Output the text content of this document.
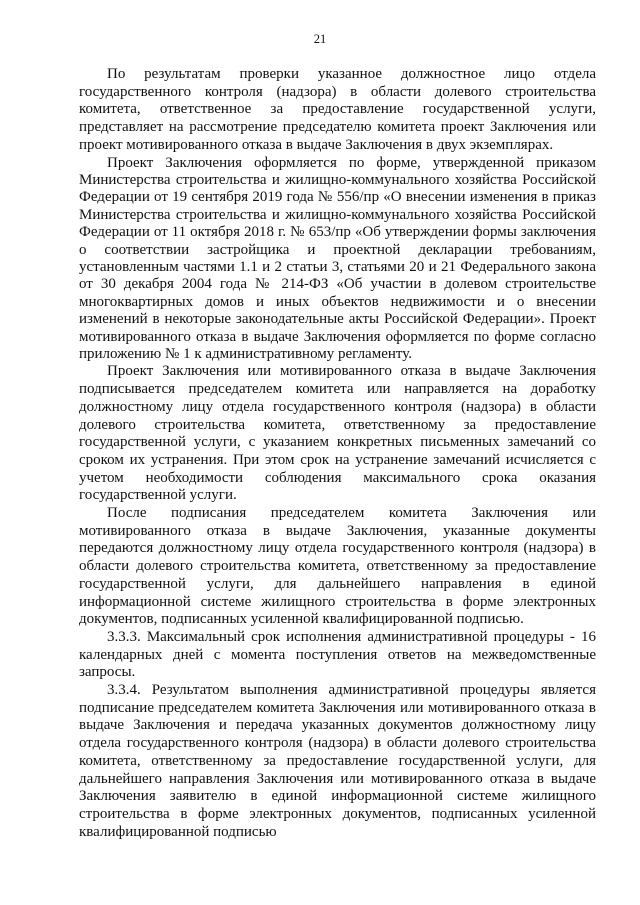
21

По результатам проверки указанное должностное лицо отдела государственного контроля (надзора) в области долевого строительства комитета, ответственное за предоставление государственной услуги, представляет на рассмотрение председателю комитета проект Заключения или проект мотивированного отказа в выдаче Заключения в двух экземплярах.

Проект Заключения оформляется по форме, утвержденной приказом Министерства строительства и жилищно-коммунального хозяйства Российской Федерации от 19 сентября 2019 года № 556/пр «О внесении изменения в приказ Министерства строительства и жилищно-коммунального хозяйства Российской Федерации от 11 октября 2018 г. № 653/пр «Об утверждении формы заключения о соответствии застройщика и проектной декларации требованиям, установленным частями 1.1 и 2 статьи 3, статьями 20 и 21 Федерального закона от 30 декабря 2004 года № 214-ФЗ «Об участии в долевом строительстве многоквартирных домов и иных объектов недвижимости и о внесении изменений в некоторые законодательные акты Российской Федерации». Проект мотивированного отказа в выдаче Заключения оформляется по форме согласно приложению № 1 к административному регламенту.

Проект Заключения или мотивированного отказа в выдаче Заключения подписывается председателем комитета или направляется на доработку должностному лицу отдела государственного контроля (надзора) в области долевого строительства комитета, ответственному за предоставление государственной услуги, с указанием конкретных письменных замечаний со сроком их устранения. При этом срок на устранение замечаний исчисляется с учетом необходимости соблюдения максимального срока оказания государственной услуги.

После подписания председателем комитета Заключения или мотивированного отказа в выдаче Заключения, указанные документы передаются должностному лицу отдела государственного контроля (надзора) в области долевого строительства комитета, ответственному за предоставление государственной услуги, для дальнейшего направления в единой информационной системе жилищного строительства в форме электронных документов, подписанных усиленной квалифицированной подписью.

3.3.3. Максимальный срок исполнения административной процедуры - 16 календарных дней с момента поступления ответов на межведомственные запросы.

3.3.4. Результатом выполнения административной процедуры является подписание председателем комитета Заключения или мотивированного отказа в выдаче Заключения и передача указанных документов должностному лицу отдела государственного контроля (надзора) в области долевого строительства комитета, ответственному за предоставление государственной услуги, для дальнейшего направления Заключения или мотивированного отказа в выдаче Заключения заявителю в единой информационной системе жилищного строительства в форме электронных документов, подписанных усиленной квалифицированной подписью
